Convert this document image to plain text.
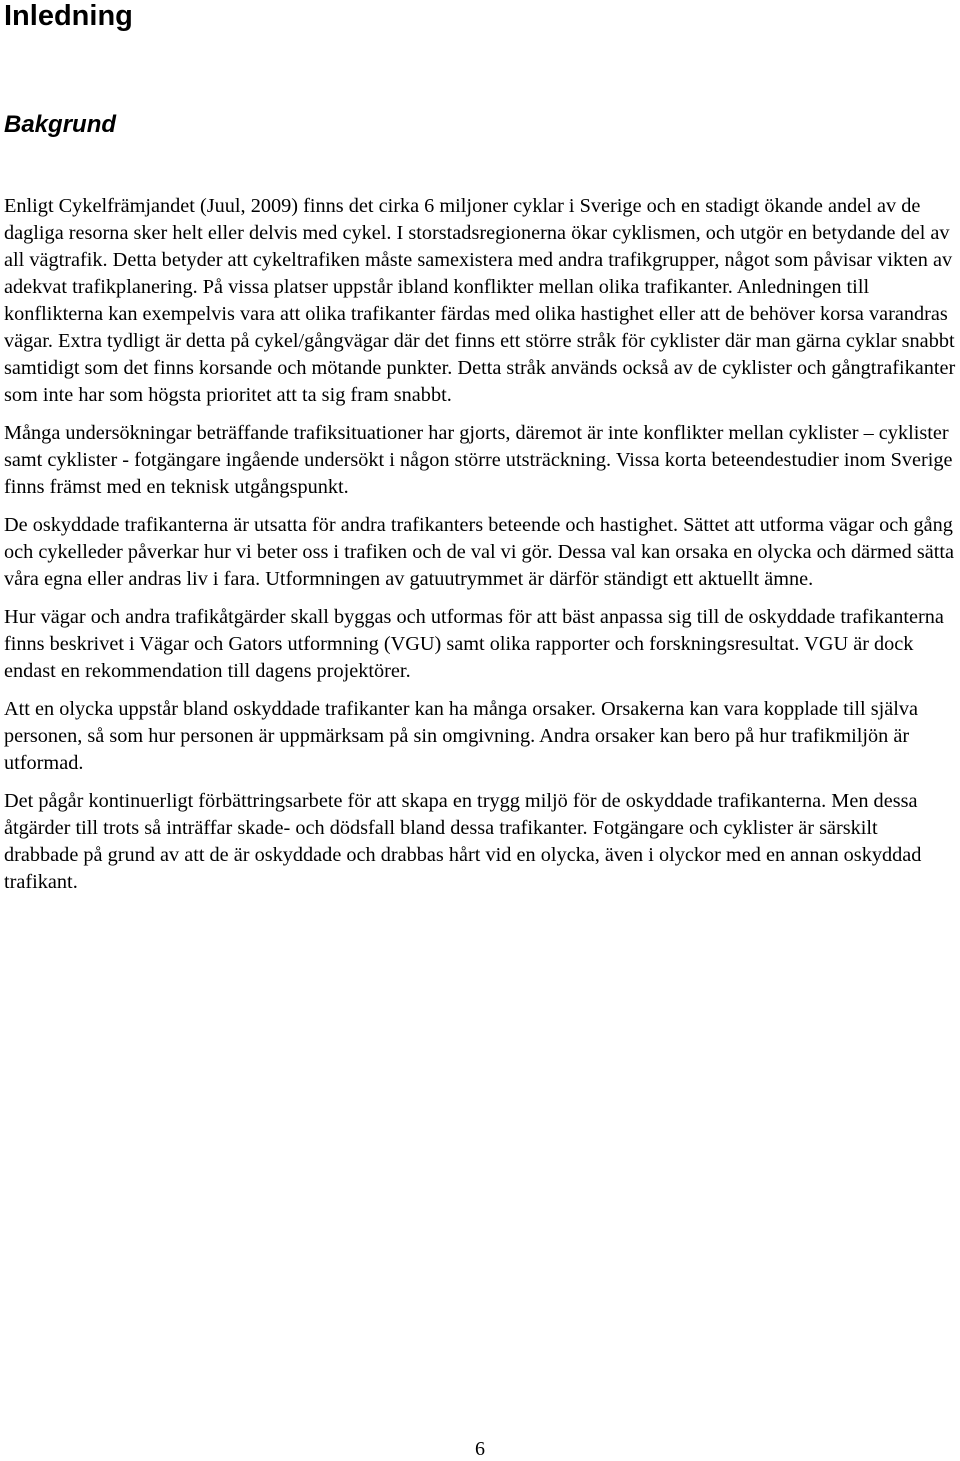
Inledning
Bakgrund

Enligt Cykelfrämjandet (Juul, 2009) finns det cirka 6 miljoner cyklar i Sverige och en stadigt ökande andel av de dagliga resorna sker helt eller delvis med cykel. I storstadsregionerna ökar cyklismen, och utgör en betydande del av all vägtrafik. Detta betyder att cykeltrafiken måste samexistera med andra trafikgrupper, något som påvisar vikten av adekvat trafikplanering. På vissa platser uppstår ibland konflikter mellan olika trafikanter. Anledningen till konflikterna kan exempelvis vara att olika trafikanter färdas med olika hastighet eller att de behöver korsa varandras vägar. Extra tydligt är detta på cykel/gångvägar där det finns ett större stråk för cyklister där man gärna cyklar snabbt samtidigt som det finns korsande och mötande punkter. Detta stråk används också av de cyklister och gångtrafikanter som inte har som högsta prioritet att ta sig fram snabbt.

Många undersökningar beträffande trafiksituationer har gjorts, däremot är inte konflikter mellan cyklister – cyklister samt cyklister - fotgängare ingående undersökt i någon större utsträckning. Vissa korta beteendestudier inom Sverige finns främst med en teknisk utgångspunkt.

De oskyddade trafikanterna är utsatta för andra trafikanters beteende och hastighet. Sättet att utforma vägar och gång och cykelleder påverkar hur vi beter oss i trafiken och de val vi gör. Dessa val kan orsaka en olycka och därmed sätta våra egna eller andras liv i fara. Utformningen av gatuutrymmet är därför ständigt ett aktuellt ämne.

Hur vägar och andra trafikåtgärder skall byggas och utformas för att bäst anpassa sig till de oskyddade trafikanterna finns beskrivet i Vägar och Gators utformning (VGU) samt olika rapporter och forskningsresultat. VGU är dock endast en rekommendation till dagens projektörer.

Att en olycka uppstår bland oskyddade trafikanter kan ha många orsaker. Orsakerna kan vara kopplade till själva personen, så som hur personen är uppmärksam på sin omgivning. Andra orsaker kan bero på hur trafikmiljön är utformad.

Det pågår kontinuerligt förbättringsarbete för att skapa en trygg miljö för de oskyddade trafikanterna. Men dessa åtgärder till trots så inträffar skade- och dödsfall bland dessa trafikanter. Fotgängare och cyklister är särskilt drabbade på grund av att de är oskyddade och drabbas hårt vid en olycka, även i olyckor med en annan oskyddad trafikant.

6
